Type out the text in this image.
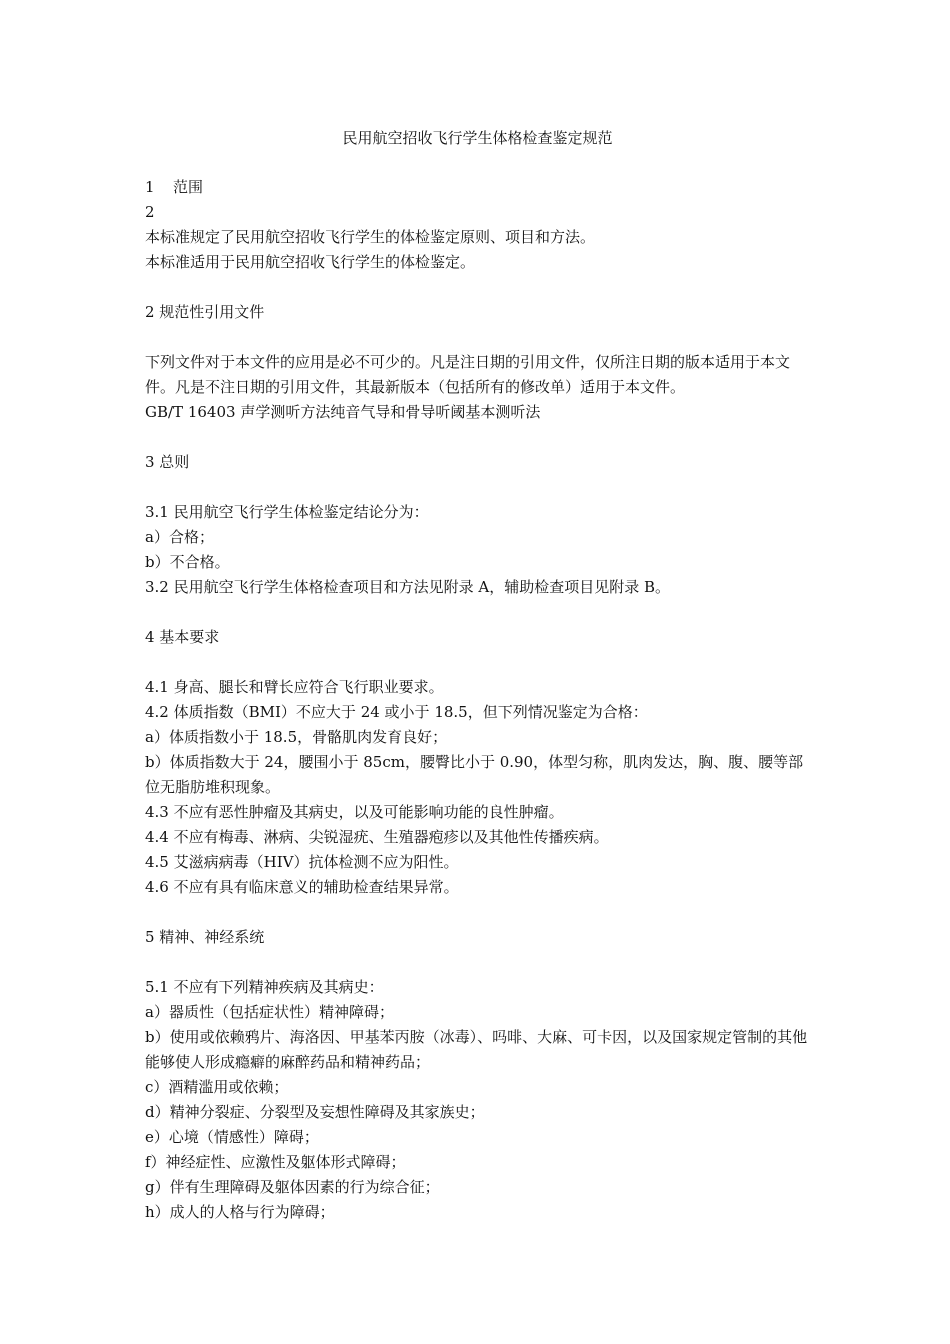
民用航空招收飞行学生体格检查鉴定规范

1 范围

2

本标准规定了民用航空招收飞行学生的体检鉴定原则、项目和方法。

本标准适用于民用航空招收飞行学生的体检鉴定。

2 规范性引用文件

下列文件对于本文件的应用是必不可少的。凡是注日期的引用文件，仅所注日期的版本适用于本文件。凡是不注日期的引用文件，其最新版本（包括所有的修改单）适用于本文件。

GB/T 16403 声学测听方法纯音气导和骨导听阈基本测听法

3 总则

3.1 民用航空飞行学生体检鉴定结论分为：

a）合格；

b）不合格。

3.2 民用航空飞行学生体格检查项目和方法见附录 A，辅助检查项目见附录 B。

4 基本要求

4.1 身高、腿长和臂长应符合飞行职业要求。

4.2 体质指数（BMI）不应大于 24 或小于 18.5，但下列情况鉴定为合格：

a）体质指数小于 18.5，骨骼肌肉发育良好；

b）体质指数大于 24，腰围小于 85cm，腰臀比小于 0.90，体型匀称，肌肉发达，胸、腹、腰等部位无脂肪堆积现象。

4.3 不应有恶性肿瘤及其病史，以及可能影响功能的良性肿瘤。

4.4 不应有梅毒、淋病、尖锐湿疣、生殖器疱疹以及其他性传播疾病。

4.5 艾滋病病毒（HIV）抗体检测不应为阳性。

4.6 不应有具有临床意义的辅助检查结果异常。

5 精神、神经系统

5.1 不应有下列精神疾病及其病史：

a）器质性（包括症状性）精神障碍；

b）使用或依赖鸦片、海洛因、甲基苯丙胺（冰毒）、吗啡、大麻、可卡因，以及国家规定管制的其他能够使人形成瘾癖的麻醉药品和精神药品；

c）酒精滥用或依赖；

d）精神分裂症、分裂型及妄想性障碍及其家族史；

e）心境（情感性）障碍；

f）神经症性、应激性及躯体形式障碍；

g）伴有生理障碍及躯体因素的行为综合征；

h）成人的人格与行为障碍；
